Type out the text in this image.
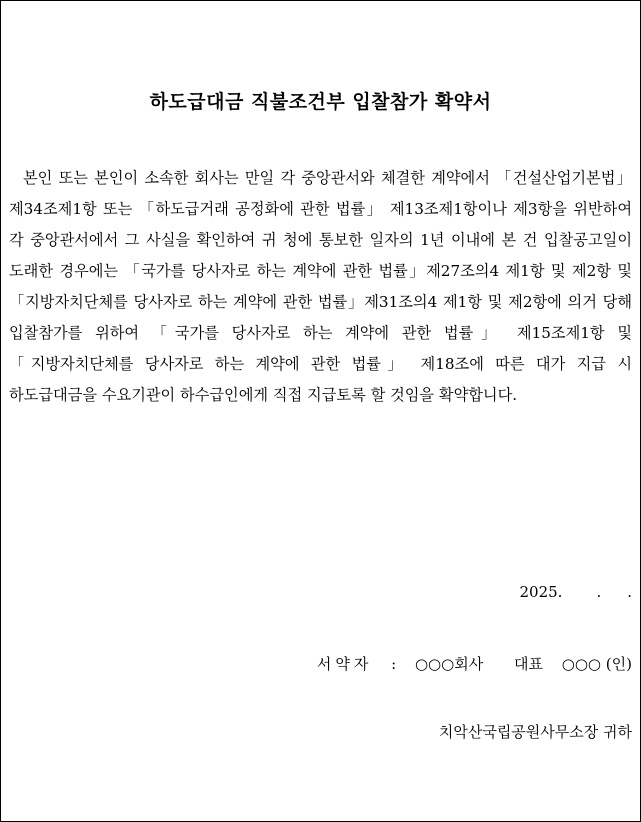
하도급대금 직불조건부 입찰참가 확약서

본인 또는 본인이 소속한 회사는 만일 각 중앙관서와 체결한 계약에서 「건설산업기본법」제34조제1항 또는 「하도급거래 공정화에 관한 법률」 제13조제1항이나 제3항을 위반하여 각 중앙관서에서 그 사실을 확인하여 귀 청에 통보한 일자의 1년 이내에 본 건 입찰공고일이 도래한 경우에는 「국가를 당사자로 하는 계약에 관한 법률」제27조의4 제1항 및 제2항 및 「지방자치단체를 당사자로 하는 계약에 관한 법률」제31조의4 제1항 및 제2항에 의거 당해 입찰참가를 위하여 「국가를 당사자로 하는 계약에 관한 법률」 제15조제1항 및 「지방자치단체를 당사자로 하는 계약에 관한 법률」 제18조에 따른 대가 지급 시 하도급대금을 수요기관이 하수급인에게 직접 지급토록 할 것임을 확약합니다.

2025. . .

서약자 : ○○○회사 대표 ○○○ (인)

치악산국립공원사무소장 귀하
